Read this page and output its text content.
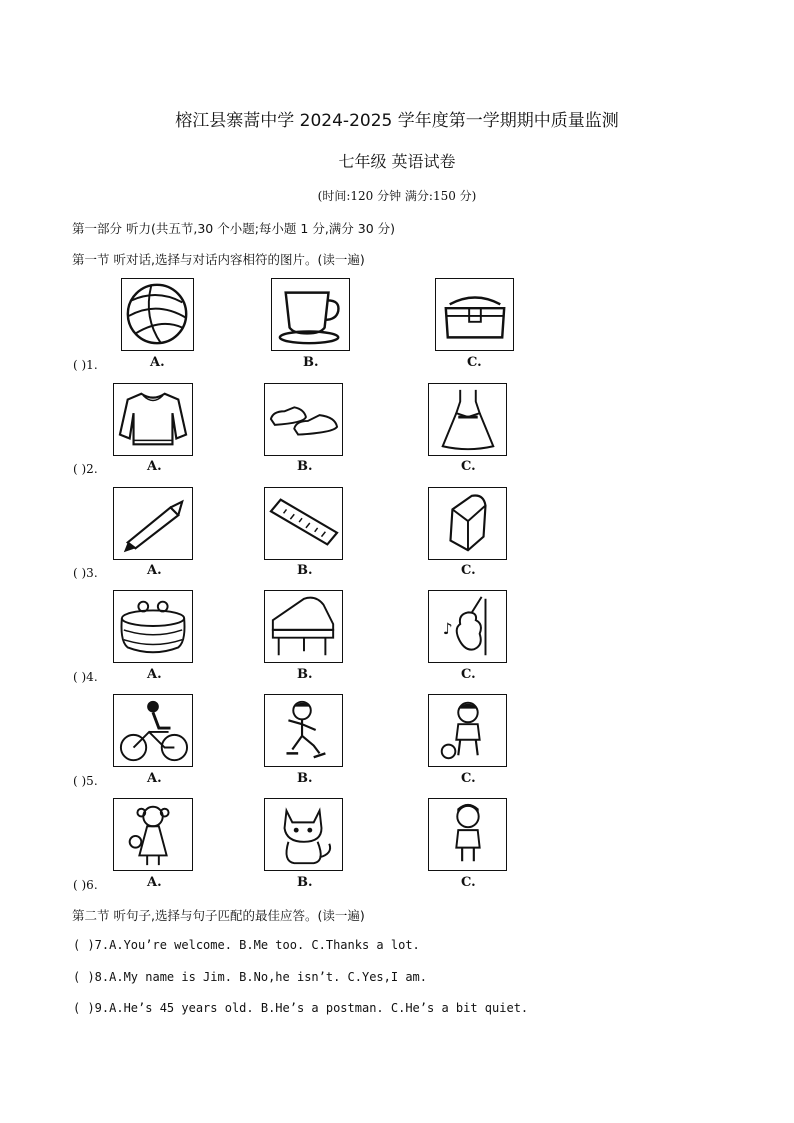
榕江县寨蒿中学 2024-2025 学年度第一学期期中质量监测
七年级 英语试卷
(时间:120 分钟 满分:150 分)
第一部分 听力(共五节,30 个小题;每小题 1 分,满分 30 分)
第一节 听对话,选择与对话内容相符的图片。(读一遍)
( )1.	A.	B.	C.
( )2.	A.	B.	C.
( )3.	A.	B.	C.
♪
( )4.	A.	B.	C.
( )5.	A.	B.	C.
( )6.	A.	B.	C.
第二节 听句子,选择与句子匹配的最佳应答。(读一遍)
( )7.A.You’re welcome. B.Me too. C.Thanks a lot.
( )8.A.My name is Jim. B.No,he isn’t. C.Yes,I am.
( )9.A.He’s 45 years old. B.He’s a postman. C.He’s a bit quiet.
